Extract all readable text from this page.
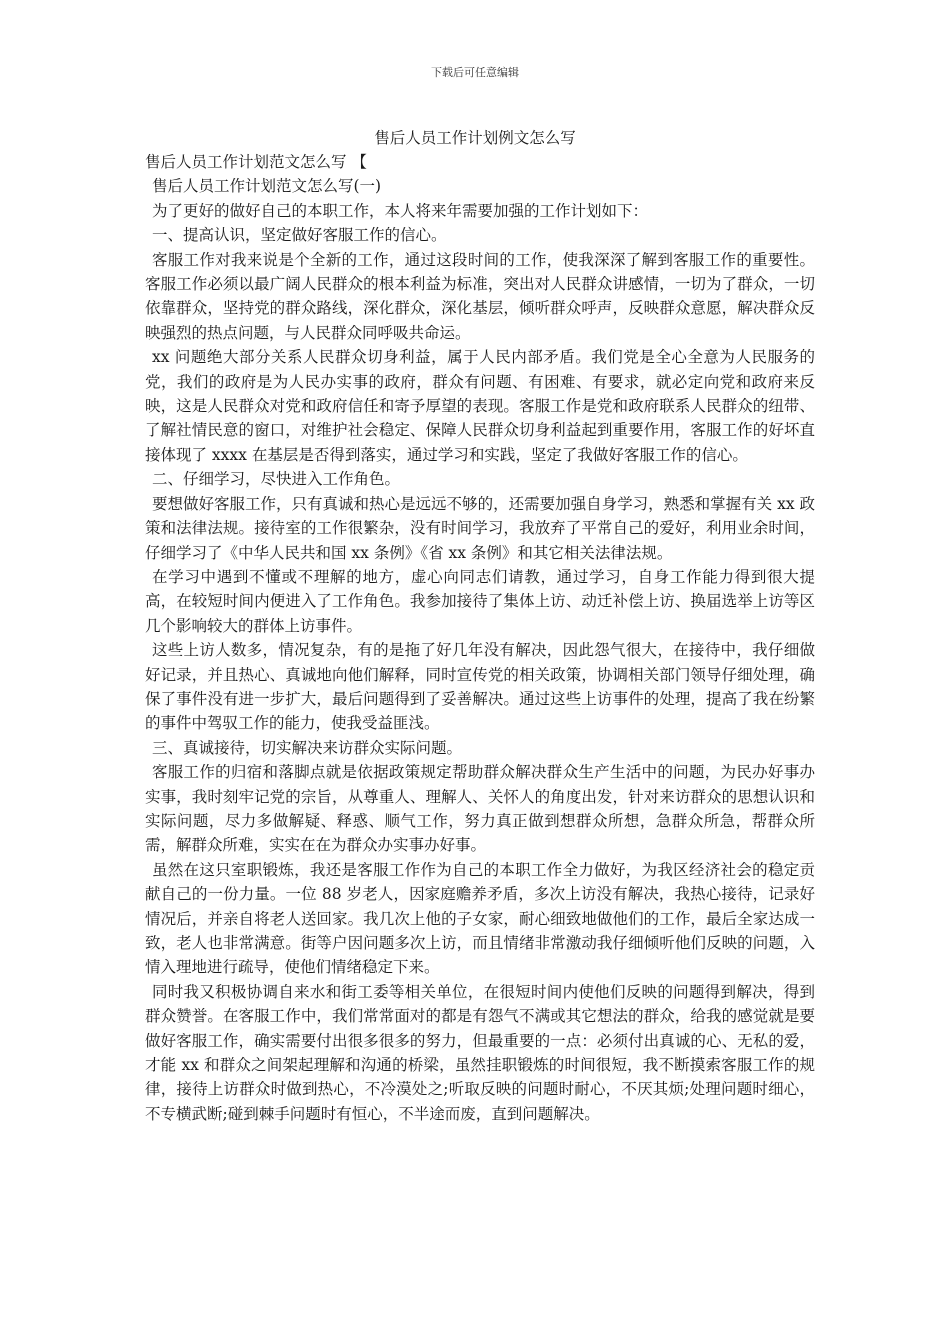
下载后可任意编辑
售后人员工作计划例文怎么写

售后人员工作计划范文怎么写 【

售后人员工作计划范文怎么写(一)

为了更好的做好自己的本职工作，本人将来年需要加强的工作计划如下：

一、提高认识，坚定做好客服工作的信心。

客服工作对我来说是个全新的工作，通过这段时间的工作，使我深深了解到客服工作的重要性。客服工作必须以最广阔人民群众的根本利益为标准，突出对人民群众讲感情，一切为了群众，一切依靠群众，坚持党的群众路线，深化群众，深化基层，倾听群众呼声，反映群众意愿，解决群众反映强烈的热点问题，与人民群众同呼吸共命运。

xx 问题绝大部分关系人民群众切身利益，属于人民内部矛盾。我们党是全心全意为人民服务的党，我们的政府是为人民办实事的政府，群众有问题、有困难、有要求，就必定向党和政府来反映，这是人民群众对党和政府信任和寄予厚望的表现。客服工作是党和政府联系人民群众的纽带、了解社情民意的窗口，对维护社会稳定、保障人民群众切身利益起到重要作用，客服工作的好坏直接体现了 xxxx 在基层是否得到落实，通过学习和实践，坚定了我做好客服工作的信心。

二、仔细学习，尽快进入工作角色。

要想做好客服工作，只有真诚和热心是远远不够的，还需要加强自身学习，熟悉和掌握有关 xx 政策和法律法规。接待室的工作很繁杂，没有时间学习，我放弃了平常自己的爱好，利用业余时间，仔细学习了《中华人民共和国 xx 条例》《省 xx 条例》和其它相关法律法规。

在学习中遇到不懂或不理解的地方，虚心向同志们请教，通过学习，自身工作能力得到很大提高，在较短时间内便进入了工作角色。我参加接待了集体上访、动迁补偿上访、换届选举上访等区几个影响较大的群体上访事件。

这些上访人数多，情况复杂，有的是拖了好几年没有解决，因此怨气很大，在接待中，我仔细做好记录，并且热心、真诚地向他们解释，同时宣传党的相关政策，协调相关部门领导仔细处理，确保了事件没有进一步扩大，最后问题得到了妥善解决。通过这些上访事件的处理，提高了我在纷繁的事件中驾驭工作的能力，使我受益匪浅。

三、真诚接待，切实解决来访群众实际问题。

客服工作的归宿和落脚点就是依据政策规定帮助群众解决群众生产生活中的问题，为民办好事办实事，我时刻牢记党的宗旨，从尊重人、理解人、关怀人的角度出发，针对来访群众的思想认识和实际问题，尽力多做解疑、释惑、顺气工作，努力真正做到想群众所想，急群众所急，帮群众所需，解群众所难，实实在在为群众办实事办好事。

虽然在这只室职锻炼，我还是客服工作作为自己的本职工作全力做好，为我区经济社会的稳定贡献自己的一份力量。一位 88 岁老人，因家庭赡养矛盾，多次上访没有解决，我热心接待，记录好情况后，并亲自将老人送回家。我几次上他的子女家，耐心细致地做他们的工作，最后全家达成一致，老人也非常满意。街等户因问题多次上访，而且情绪非常激动我仔细倾听他们反映的问题，入情入理地进行疏导，使他们情绪稳定下来。

同时我又积极协调自来水和街工委等相关单位，在很短时间内使他们反映的问题得到解决，得到群众赞誉。在客服工作中，我们常常面对的都是有怨气不满或其它想法的群众，给我的感觉就是要做好客服工作，确实需要付出很多很多的努力，但最重要的一点：必须付出真诚的心、无私的爱，才能 xx 和群众之间架起理解和沟通的桥梁，虽然挂职锻炼的时间很短，我不断摸索客服工作的规律，接待上访群众时做到热心，不冷漠处之;听取反映的问题时耐心，不厌其烦;处理问题时细心，不专横武断;碰到棘手问题时有恒心，不半途而废，直到问题解决。
